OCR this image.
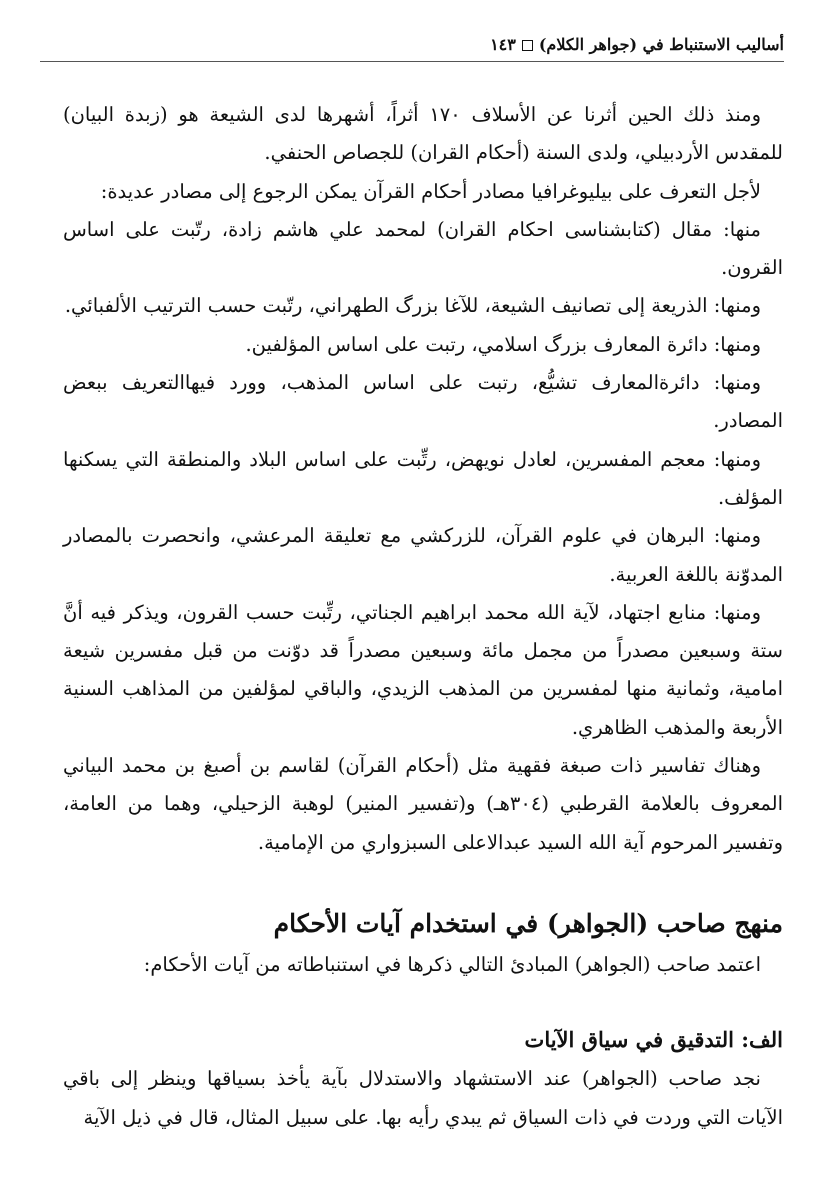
أساليب الاستنباط في (جواهر الكلام)١٤٣

ومنذ ذلك الحين أثرنا عن الأسلاف ١٧٠ أثراً، أشهرها لدى الشيعة هو (زبدة البيان) للمقدس الأردبيلي، ولدى السنة (أحكام القران) للجصاص الحنفي.

لأجل التعرف على بيليوغرافيا مصادر أحكام القرآن يمكن الرجوع إلى مصادر عديدة:

منها: مقال (كتابشناسى احكام القران) لمحمد علي هاشم زادة، رتّبت على اساس القرون.

ومنها: الذريعة إلى تصانيف الشيعة، للآغا بزرگ الطهراني، رتّبت حسب الترتيب الألفبائي.

ومنها: دائرة المعارف بزرگ اسلامي، رتبت على اساس المؤلفين.

ومنها: دائرةالمعارف تشيُّع، رتبت على اساس المذهب، وورد فيهاالتعريف ببعض المصادر.

ومنها: معجم المفسرين، لعادل نويهض، رتِّبت على اساس البلاد والمنطقة التي يسكنها المؤلف.

ومنها: البرهان في علوم القرآن، للزركشي مع تعليقة المرعشي، وانحصرت بالمصادر المدوّنة باللغة العربية.

ومنها: منابع اجتهاد، لآية الله محمد ابراهيم الجناتي، رتِّبت حسب القرون، ويذكر فيه أنَّ ستة وسبعين مصدراً من مجمل مائة وسبعين مصدراً قد دوّنت من قبل مفسرين شيعة امامية، وثمانية منها لمفسرين من المذهب الزيدي، والباقي لمؤلفين من المذاهب السنية الأربعة والمذهب الظاهري.

وهناك تفاسير ذات صبغة فقهية مثل (أحكام القرآن) لقاسم بن أصبغ بن محمد البياني المعروف بالعلامة القرطبي (٣٠٤هـ) و(تفسير المنير) لوهبة الزحيلي، وهما من العامة، وتفسير المرحوم آية الله السيد عبدالاعلى السبزواري من الإمامية.

منهج صاحب (الجواهر) في استخدام آيات الأحكام

اعتمد صاحب (الجواهر) المبادئ التالي ذكرها في استنباطاته من آيات الأحكام:

الف: التدقيق في سياق الآيات

نجد صاحب (الجواهر) عند الاستشهاد والاستدلال بآية يأخذ بسياقها وينظر إلى باقي الآيات التي وردت في ذات السياق ثم يبدي رأيه بها. على سبيل المثال، قال في ذيل الآية
